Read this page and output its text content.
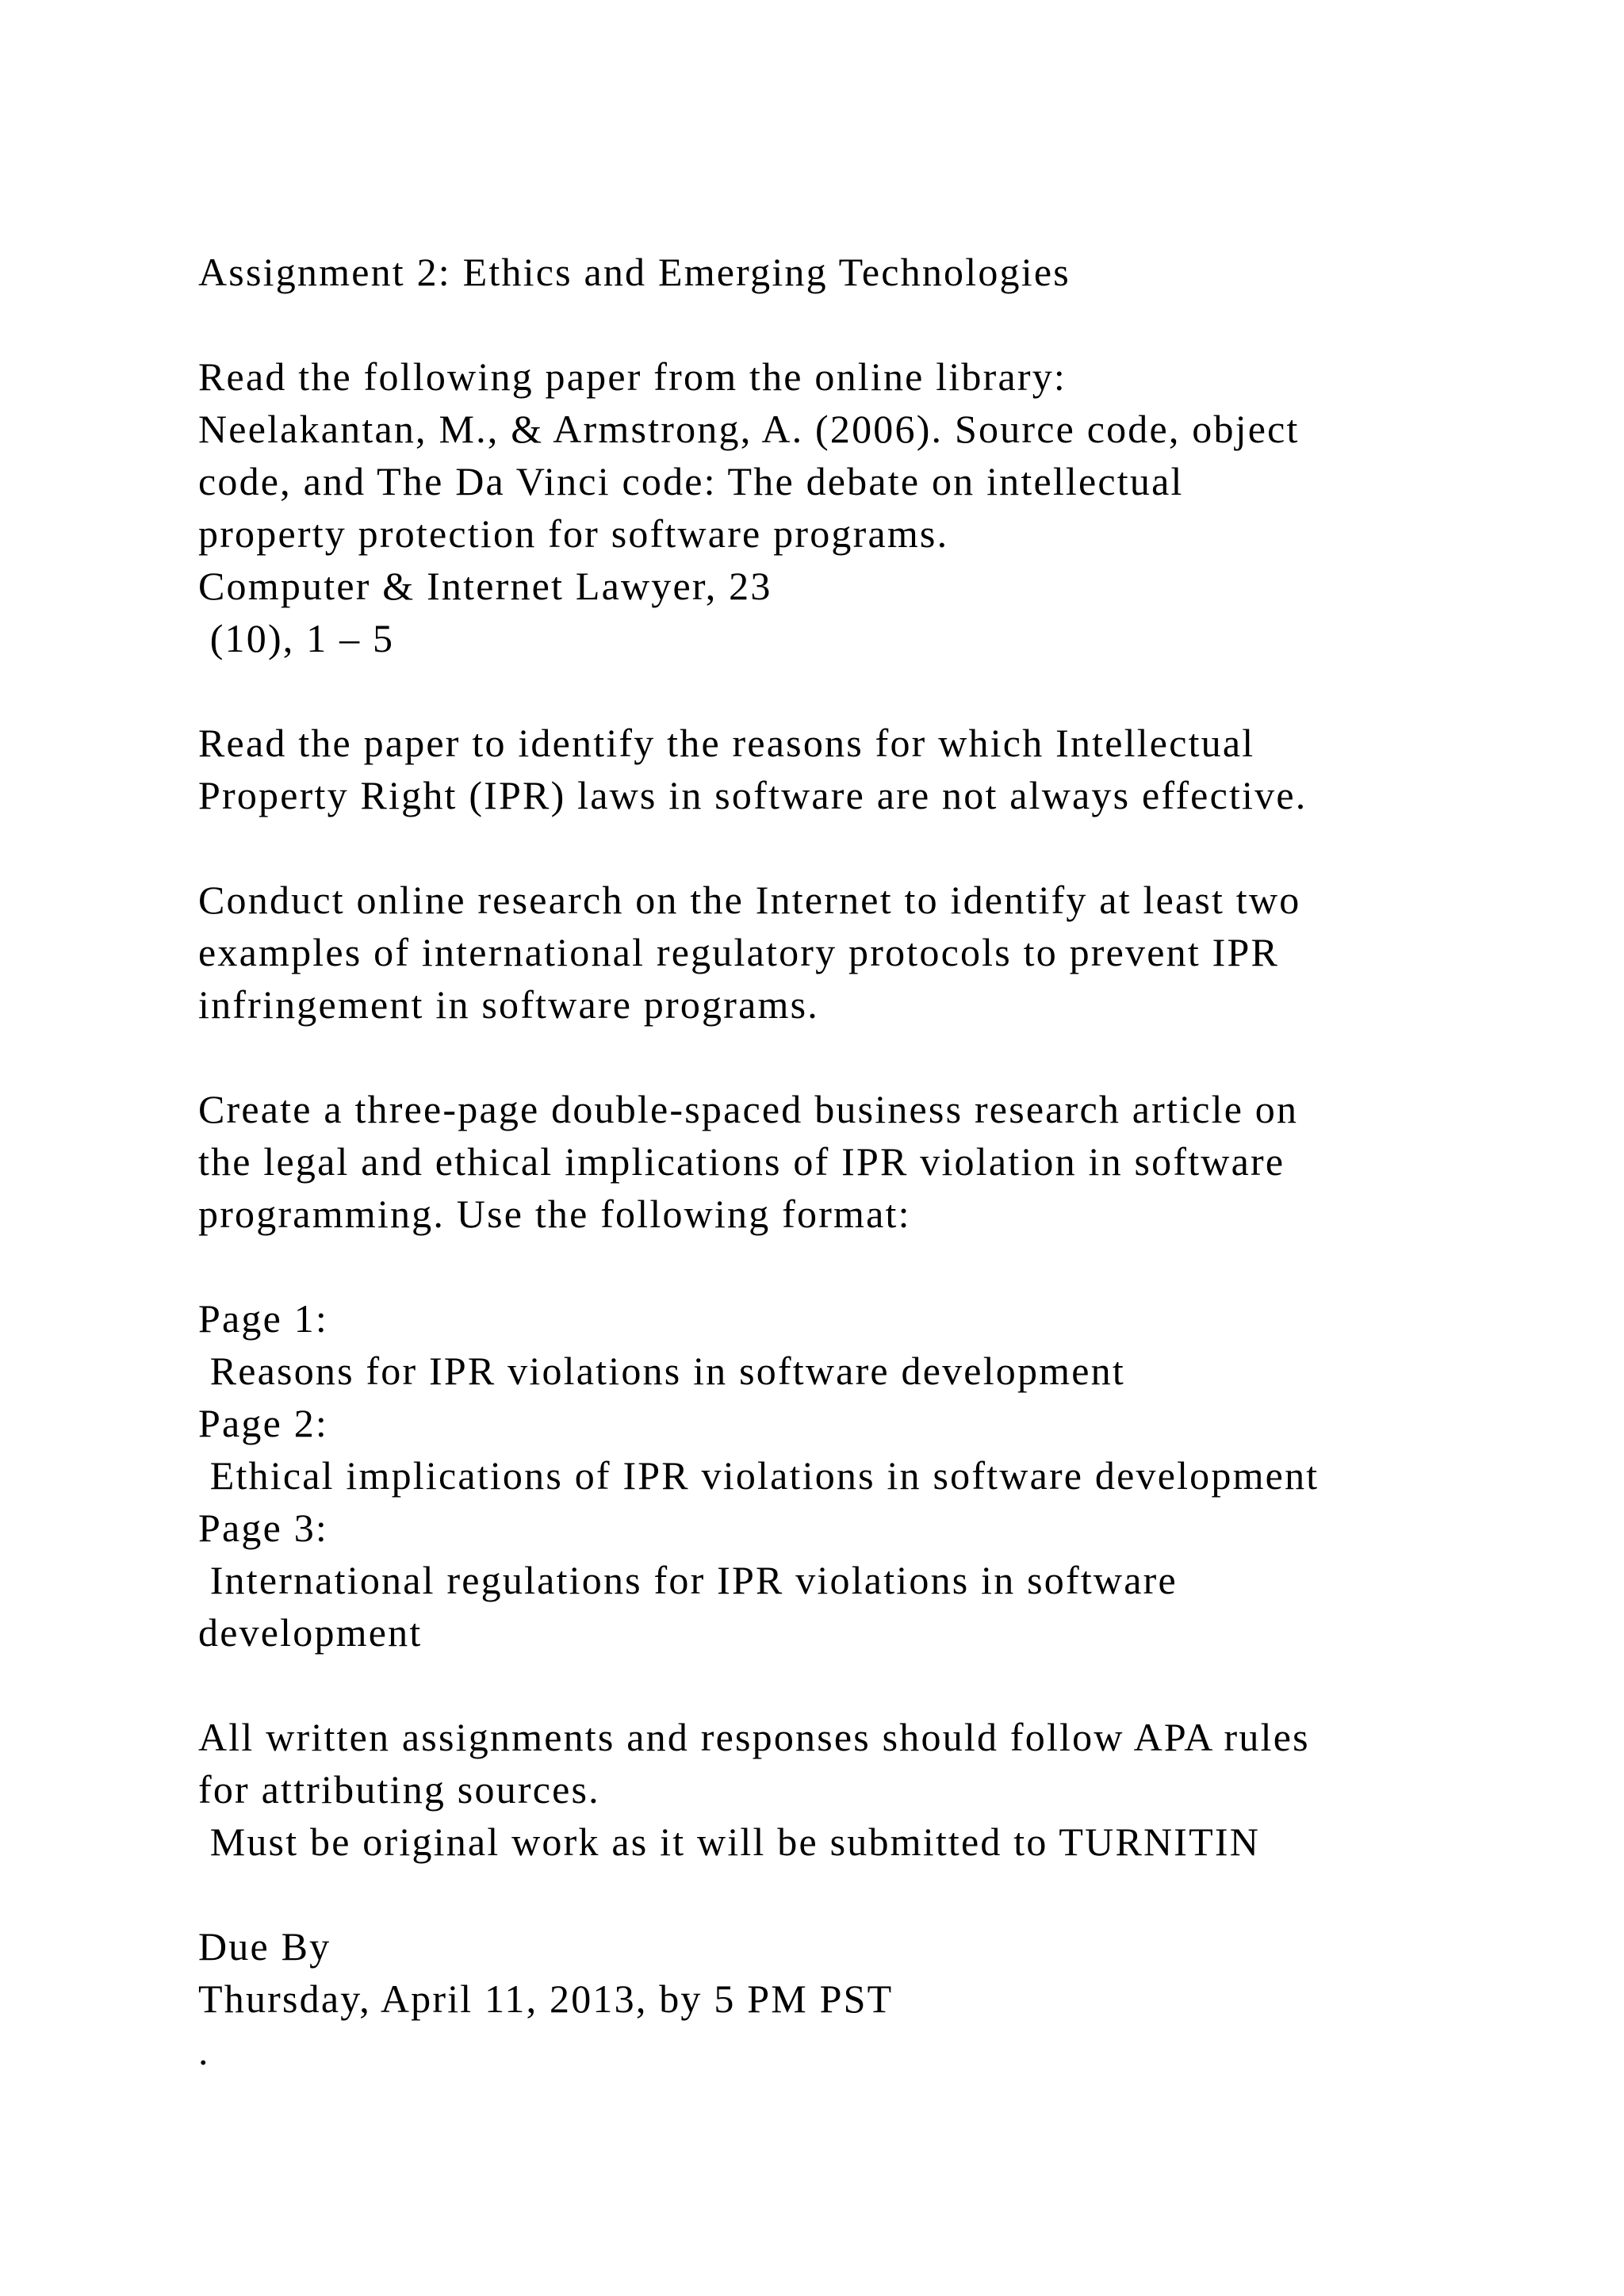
Assignment 2: Ethics and Emerging Technologies
Read the following paper from the online library:
Neelakantan, M., & Armstrong, A. (2006). Source code, object
code, and The Da Vinci code: The debate on intellectual
property protection for software programs.
Computer & Internet Lawyer, 23
(10), 1 – 5
Read the paper to identify the reasons for which Intellectual
Property Right (IPR) laws in software are not always effective.
Conduct online research on the Internet to identify at least two
examples of international regulatory protocols to prevent IPR
infringement in software programs.
Create a three-page double-spaced business research article on
the legal and ethical implications of IPR violation in software
programming. Use the following format:
Page 1:
Reasons for IPR violations in software development
Page 2:
Ethical implications of IPR violations in software development
Page 3:
International regulations for IPR violations in software
development
All written assignments and responses should follow APA rules
for attributing sources.
Must be original work as it will be submitted to TURNITIN
Due By
Thursday, April 11, 2013, by 5 PM PST
.
